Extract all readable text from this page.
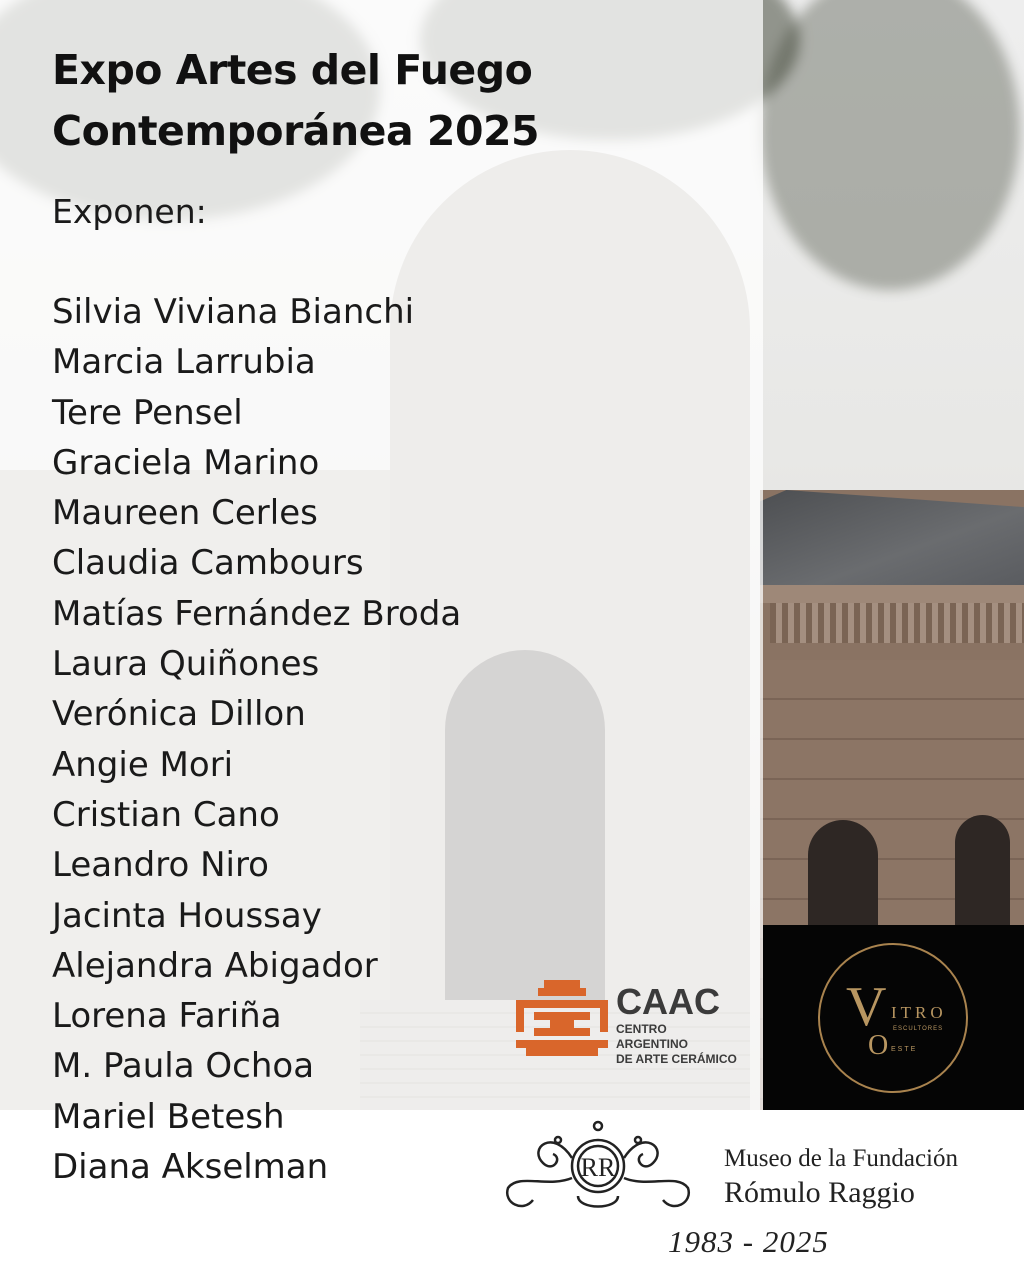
Expo Artes del Fuego
Contemporánea 2025
Exponen:
Silvia Viviana Bianchi
Marcia Larrubia
Tere Pensel
Graciela Marino
Maureen Cerles
Claudia Cambours
Matías Fernández Broda
Laura Quiñones
Verónica Dillon
Angie Mori
Cristian Cano
Leandro Niro
Jacinta Houssay
Alejandra Abigador
Lorena Fariña
M. Paula Ochoa
Mariel Betesh
Diana Akselman
CAAC
CENTRO ARGENTINO
DE ARTE CERÁMICO
V ITRO
ESCULTORES
O ESTE
RR	Museo de la Fundación
Rómulo Raggio
1983 - 2025
